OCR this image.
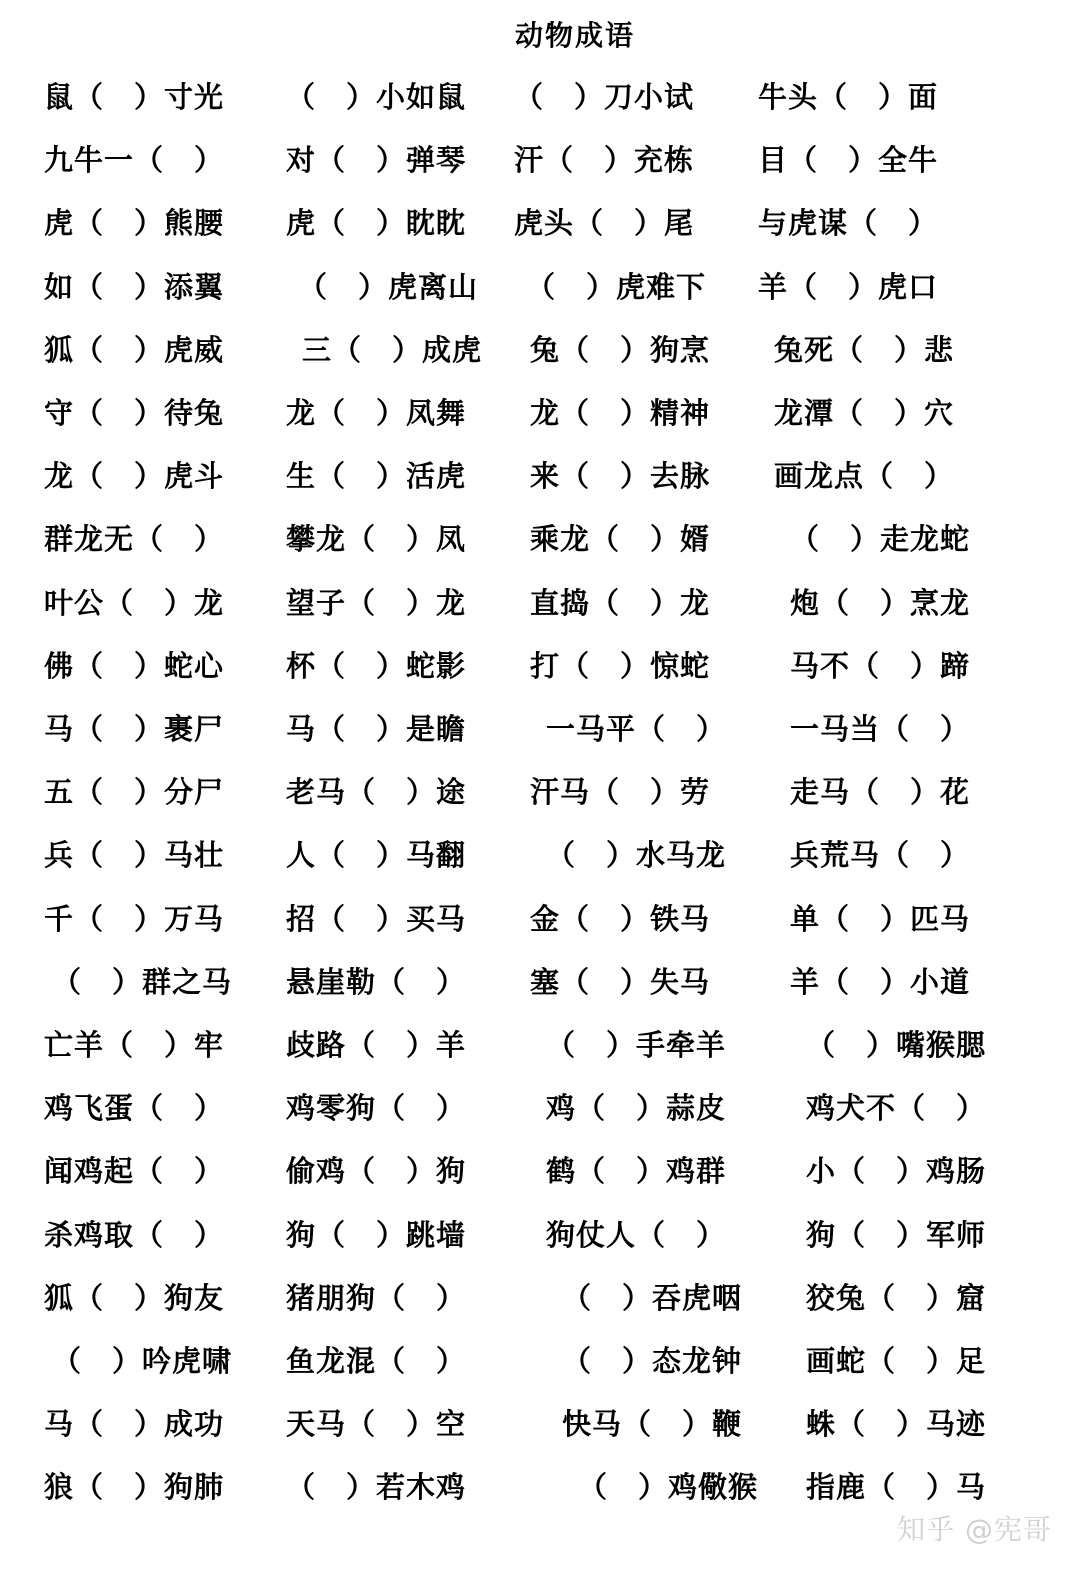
动物成语
鼠（　）寸光 （　）小如鼠 （　）刀小试 牛头（　）面
九牛一（　） 对（　）弹琴 汗（　）充栋 目（　）全牛
虎（　）熊腰 虎（　）眈眈 虎头（　）尾 与虎谋（　）
如（　）添翼	（　）虎离山 （　）虎难下 羊（　）虎口
狐（　）虎威	三（　）成虎 兔（　）狗烹 兔死（　）悲
守（　）待兔 龙（　）凤舞 龙（　）精神 龙潭（　）穴
龙（　）虎斗 生（　）活虎 来（　）去脉 画龙点（　）
群龙无（　） 攀龙（　）凤 乘龙（　）婿	（　）走龙蛇
叶公（　）龙 望子（　）龙 直捣（　）龙	炮（　）烹龙
佛（　）蛇心 杯（　）蛇影 打（　）惊蛇	马不（　）蹄
马（　）裹尸 马（　）是瞻	一马平（　） 一马当（　）
五（　）分尸 老马（　）途 汗马（　）劳	走马（　）花
兵（　）马壮 人（　）马翻	（　）水马龙 兵荒马（　）
千（　）万马 招（　）买马 金（　）铁马	单（　）匹马
（　）群之马 悬崖勒（　） 塞（　）失马	羊（　）小道
亡羊（　）牢 歧路（　）羊	（　）手牵羊	（　）嘴猴腮
鸡飞蛋（　） 鸡零狗（　）	鸡（　）蒜皮	鸡犬不（　）
闻鸡起（　） 偷鸡（　）狗	鹤（　）鸡群	小（　）鸡肠
杀鸡取（　） 狗（　）跳墙	狗仗人（　）	狗（　）军师
狐（　）狗友 猪朋狗（　）	（　）吞虎咽 狡兔（　）窟
（　）吟虎啸 鱼龙混（　）	（　）态龙钟 画蛇（　）足
马（　）成功 天马（　）空	快马（　）鞭 蛛（　）马迹
狼（　）狗肺 （　）若木鸡	（　）鸡儆猴 指鹿（　）马
知乎 @宪哥
